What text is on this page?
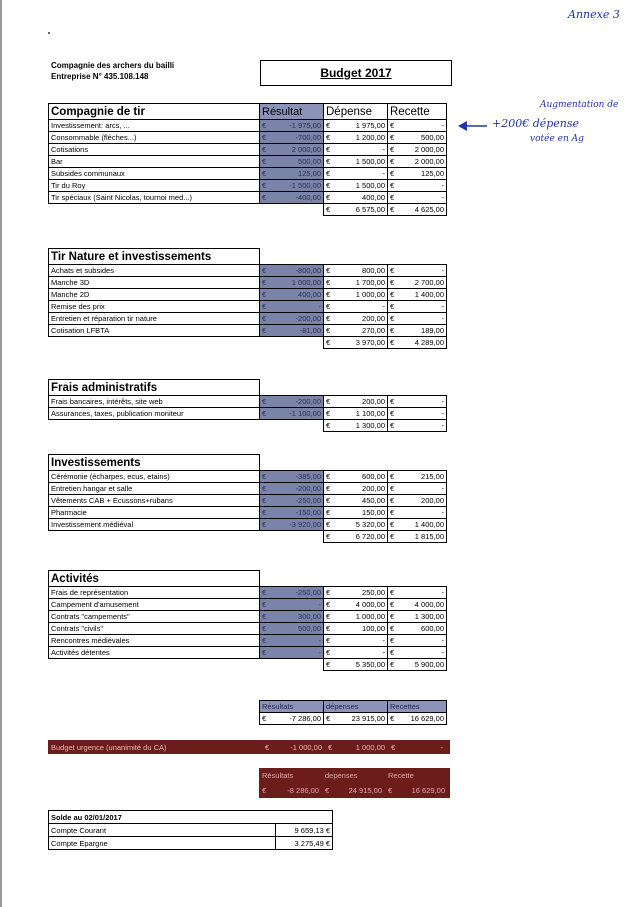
Annexe 3
Compagnie des archers du bailli
Entreprise N° 435.108.148	Budget 2017
Compagnie de tir	Résultat	Dépense	Recette
Investissement: arcs, ...	€ -1 975,00	€ 1 975,00	€ -

Consommable (flèches...)	€ -700,00	€ 1 200,00	€ 500,00

Cotisations	€ 2 000,00	€ -	€ 2 000,00

Bar	€ 500,00	€ 1 500,00	€ 2 000,00

Subsides communaux	€ 125,00	€ -	€ 125,00

Tir du Roy	€ -1 500,00	€ 1 500,00	€ -

Tir spéciaux (Saint Nicolas, tournoi med...)	€ -400,00	€ 400,00	€ -

		€ 6 575,00	€ 4 625,00
Tir Nature et investissements			
Achats et subsides	€ -800,00	€ 800,00	€ -

Manche 3D	€ 1 000,00	€ 1 700,00	€ 2 700,00

Manche 2D	€ 400,00	€ 1 000,00	€ 1 400,00

Remise des prix	€ -	€ -	€ -

Entretien et réparation tir nature	€ -200,00	€ 200,00	€ -

Cotisation LFBTA	€ -81,00	€ 270,00	€ 189,00

		€ 3 970,00	€ 4 289,00
Frais administratifs			
Frais bancaires, intérêts, site web	€ -200,00	€ 200,00	€ -

Assurances, taxes, publication moniteur	€ -1 100,00	€ 1 100,00	€ -

		€ 1 300,00	€ -
Investissements			
Cérémonie (écharpes, ecus, etains)	€ -385,00	€ 600,00	€ 215,00

Entretien hangar et salle	€ -200,00	€ 200,00	€ -

Vêtements CAB + Ecussons+rubans	€ -250,00	€ 450,00	€ 200,00

Pharmacie	€ -150,00	€ 150,00	€ -

Investissement médiéval	€ -3 920,00	€ 5 320,00	€ 1 400,00

		€ 6 720,00	€ 1 815,00
Activités			
Frais de représentation	€ -250,00	€ 250,00	€ -

Campement d'amusement	€ -	€ 4 000,00	€ 4 000,00

Contrats "campements"	€ 300,00	€ 1 000,00	€ 1 300,00

Contrats "civils"	€ 500,00	€ 100,00	€ 600,00

Rencontres médiévales	€ -	€ -	€ -

Activités détentes	€ -	€ -	€ -

		€ 5 350,00	€ 5 900,00
Augmentation de
+200€ dépense
votée en Ag
Résultats	dépenses	Recettes

€ -7 286,00	€ 23 915,00	€ 16 629,00
Budget urgence (unanimité du CA)	€	-1 000,00 €	1 000,00 €	-
Résultats	depenses	Recette
€	-8 286,00 €	24 915,00 €	16 629,00
Solde au 02/01/2017	
Compte Courant	9 659,13 €
Compte Epargne	3 275,49 €
